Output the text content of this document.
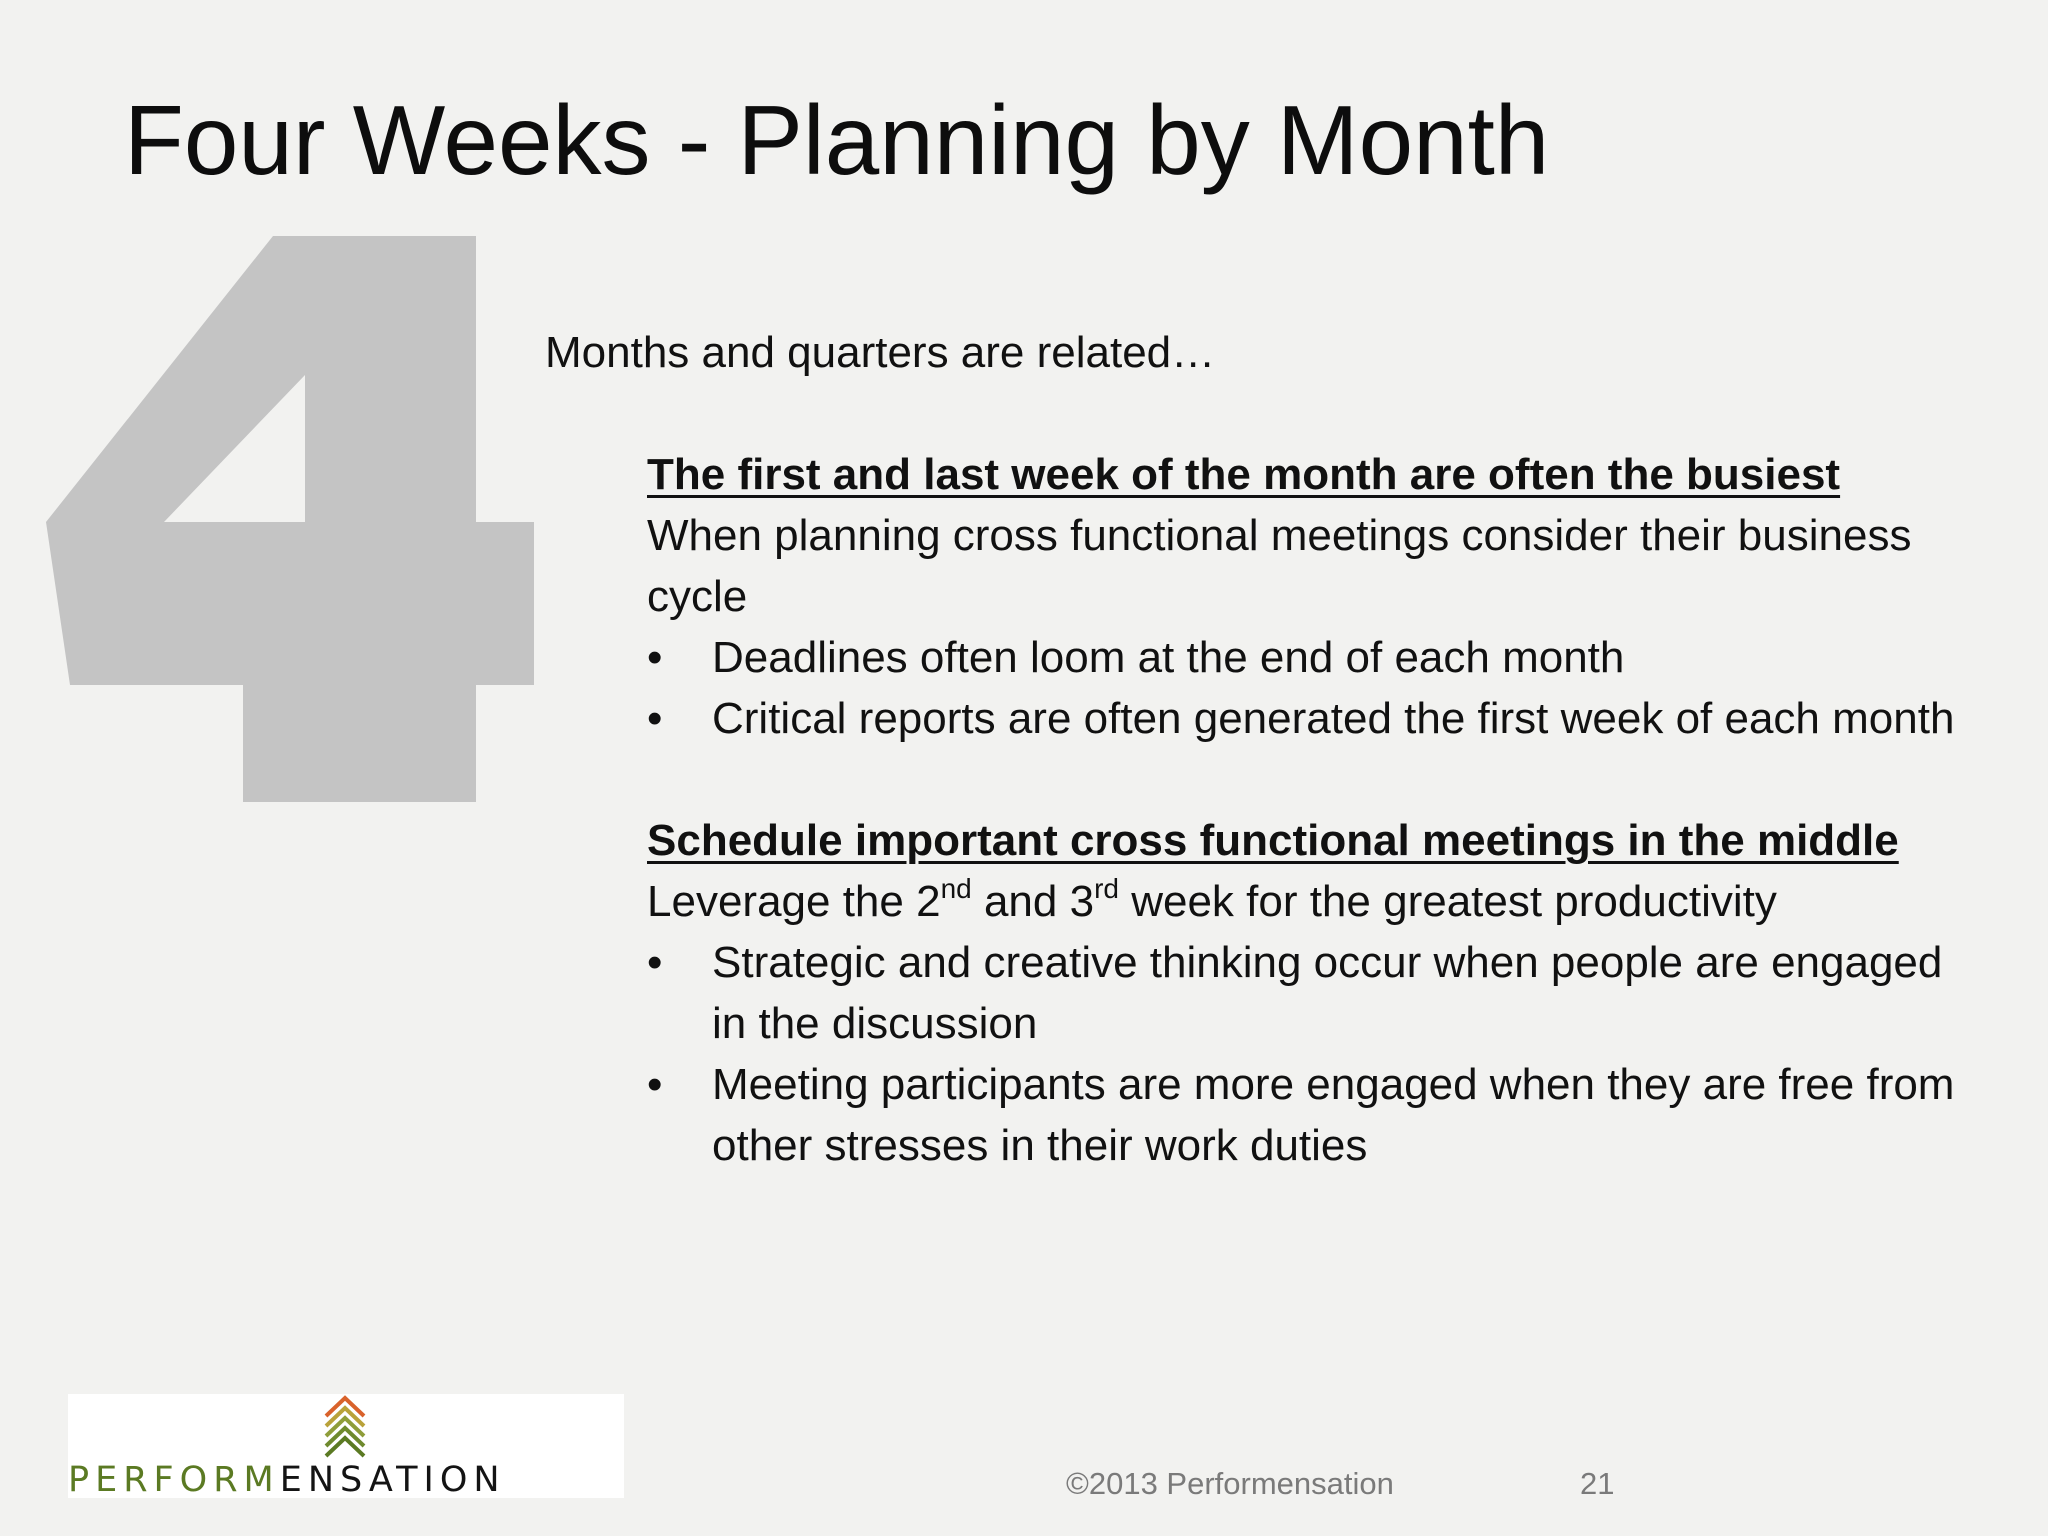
Four Weeks - Planning by Month
Months and quarters are related…
The first and last week of the month are often the busiest
When planning cross functional meetings consider their business cycle
•	Deadlines often loom at the end of each month
•	Critical reports are often generated the first week of each month
Schedule important cross functional meetings in the middle
Leverage the 2nd and 3rd week for the greatest productivity
•	Strategic and creative thinking occur when people are engaged in the discussion
•	Meeting participants are more engaged when they are free from other stresses in their work duties
PERFORMENSATION	©2013 Performensation	21
